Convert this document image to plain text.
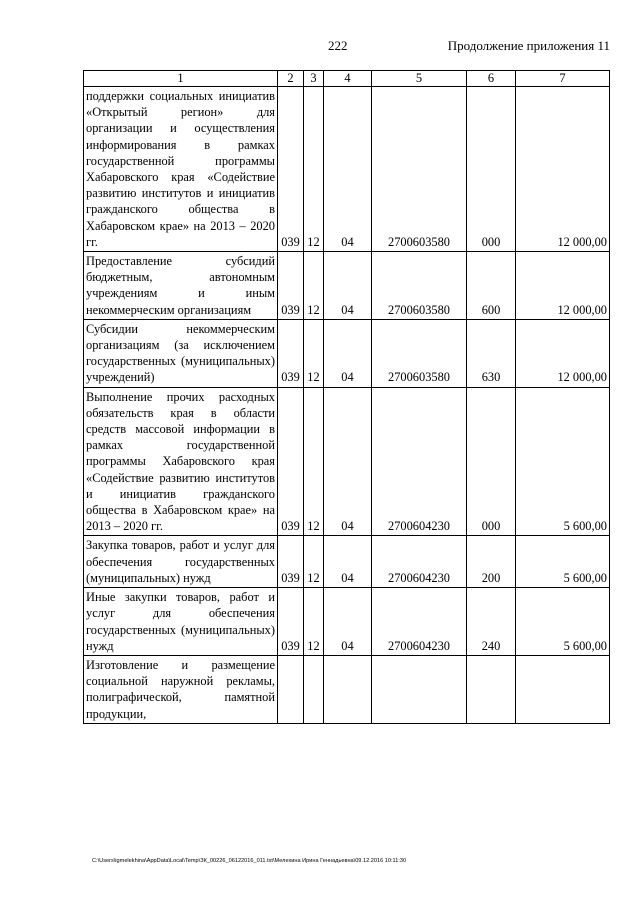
222	Продолжение приложения 11
1	2	3	4	5	6	7
поддержки социальных инициатив «Открытый регион» для организации и осуществления информирования в рамках государственной программы Хабаровского края «Содействие развитию институтов и инициатив гражданского общества в Хабаровском крае» на 2013 – 2020 гг.	039	12	04	2700603580	000	12 000,00
Предоставление субсидий бюджетным, автономным учреждениям и иным некоммерческим организациям	039	12	04	2700603580	600	12 000,00
Субсидии некоммерческим организациям (за исключением государственных (муниципальных) учреждений)	039	12	04	2700603580	630	12 000,00
Выполнение прочих расходных обязательств края в области средств массовой информации в рамках государственной программы Хабаровского края «Содействие развитию институтов и инициатив гражданского общества в Хабаровском крае» на 2013 – 2020 гг.	039	12	04	2700604230	000	5 600,00
Закупка товаров, работ и услуг для обеспечения государственных (муниципальных) нужд	039	12	04	2700604230	200	5 600,00
Иные закупки товаров, работ и услуг для обеспечения государственных (муниципальных) нужд	039	12	04	2700604230	240	5 600,00
Изготовление и размещение социальной наружной рекламы, полиграфической, памятной продукции,						
C:\Users\igmelekhina\AppData\Local\Temp\ЗК_00226_06122016_011.txt\Мелехина Ирина Геннадьевна\09.12.2016 10:11:30
